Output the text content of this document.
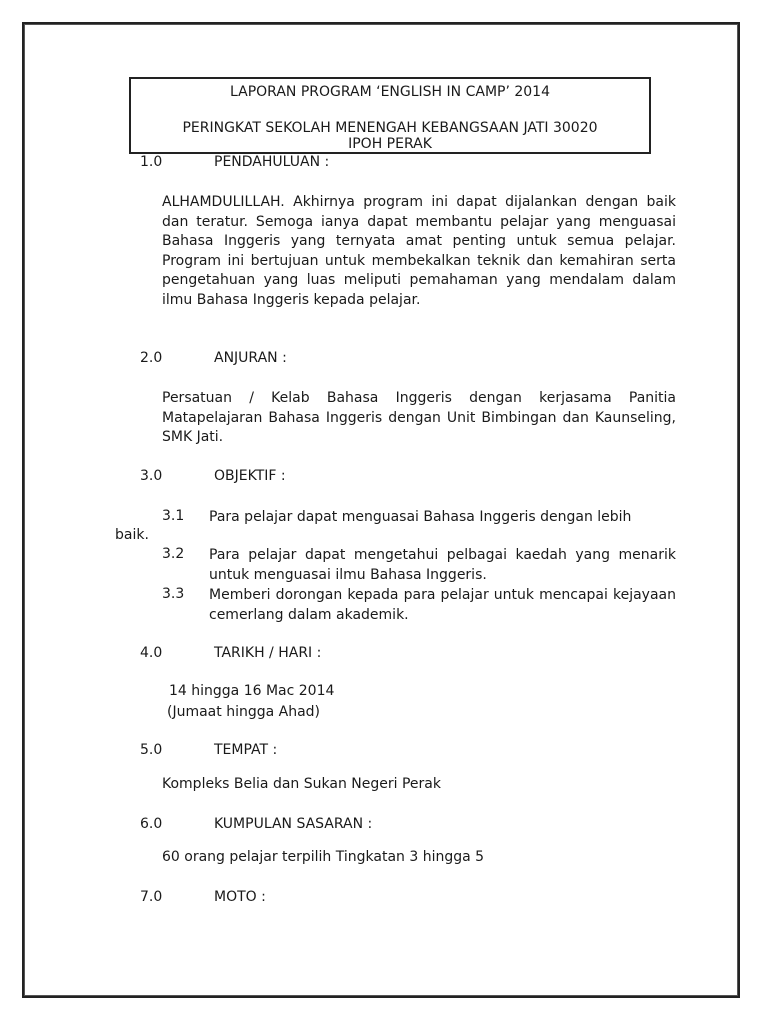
LAPORAN PROGRAM ‘ENGLISH IN CAMP’ 2014
PERINGKAT SEKOLAH MENENGAH KEBANGSAAN JATI 30020
IPOH PERAK
1.0	PENDAHULUAN :
ALHAMDULILLAH. Akhirnya program ini dapat dijalankan dengan baik dan teratur. Semoga ianya dapat membantu pelajar yang menguasai Bahasa Inggeris yang ternyata amat penting untuk semua pelajar. Program ini bertujuan untuk membekalkan teknik dan kemahiran serta pengetahuan yang luas meliputi pemahaman yang mendalam dalam ilmu Bahasa Inggeris kepada pelajar.
2.0	ANJURAN :
Persatuan / Kelab Bahasa Inggeris dengan kerjasama Panitia Matapelajaran Bahasa Inggeris dengan Unit Bimbingan dan Kaunseling, SMK Jati.
3.0	OBJEKTIF :
3.1 Para pelajar dapat menguasai Bahasa Inggeris dengan lebih
baik.
3.2 Para pelajar dapat mengetahui pelbagai kaedah yang menarik untuk menguasai ilmu Bahasa Inggeris.
3.3 Memberi dorongan kepada para pelajar untuk mencapai kejayaan cemerlang dalam akademik.
4.0	TARIKH / HARI :
14 hingga 16 Mac 2014
(Jumaat hingga Ahad)
5.0	TEMPAT :
Kompleks Belia dan Sukan Negeri Perak
6.0	KUMPULAN SASARAN :
60 orang pelajar terpilih Tingkatan 3 hingga 5
7.0	MOTO :
